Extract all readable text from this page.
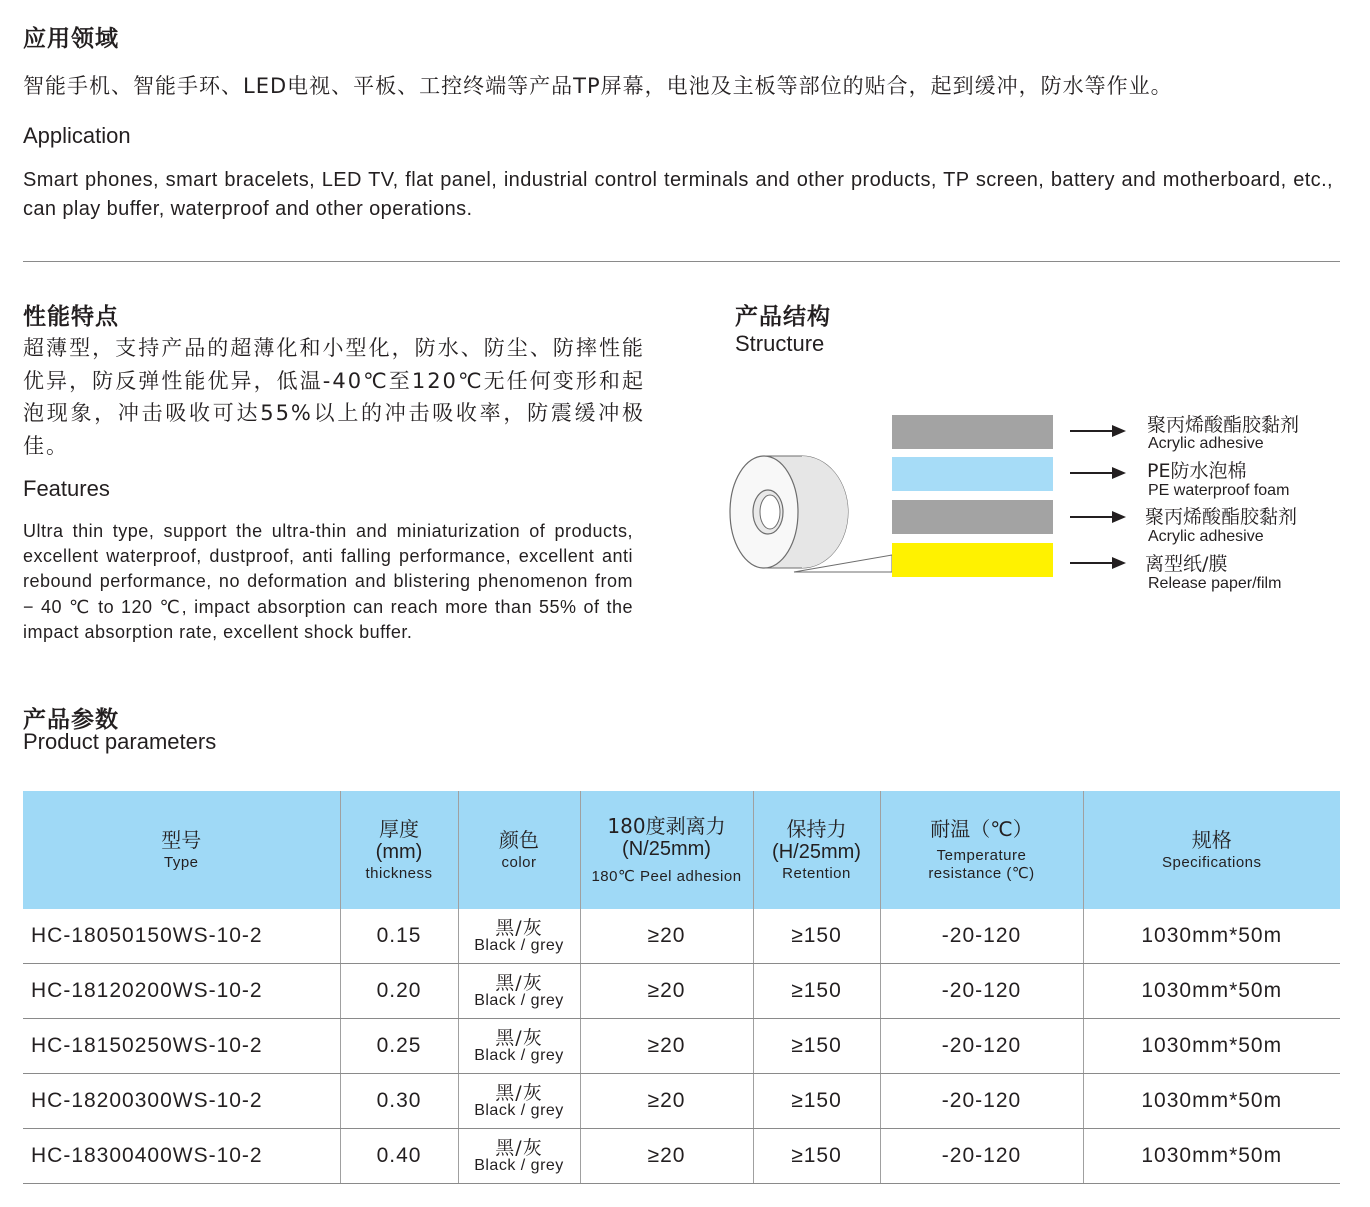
应用领域
智能手机、智能手环、LED电视、平板、工控终端等产品TP屏幕，电池及主板等部位的贴合，起到缓冲，防水等作业。
Application
Smart phones, smart bracelets, LED TV, flat panel, industrial control terminals and other products, TP screen, battery and motherboard, etc., can play buffer, waterproof and other operations.
性能特点
超薄型，支持产品的超薄化和小型化，防水、防尘、防摔性能优异，防反弹性能优异，低温-40℃至120℃无任何变形和起泡现象，冲击吸收可达55%以上的冲击吸收率，防震缓冲极佳。
Features
Ultra thin type, support the ultra-thin and miniaturization of products, excellent waterproof, dustproof, anti falling performance, excellent anti rebound performance, no deformation and blistering phenomenon from − 40 ℃ to 120 ℃, impact absorption can reach more than 55% of the impact absorption rate, excellent shock buffer.
产品结构
Structure
聚丙烯酸酯胶黏剂
Acrylic adhesive
PE防水泡棉
PE waterproof foam
聚丙烯酸酯胶黏剂
Acrylic adhesive
离型纸/膜
Release paper/film
产品参数
Product parameters
型号
Type	厚度
(mm)
thickness	颜色
color	180度剥离力
(N/25mm)
180℃ Peel adhesion	保持力
(H/25mm)
Retention	耐温（℃）
Temperature
resistance (℃)	规格
Specifications

HC-18050150WS-10-2	0.15	黑/灰
Black / grey	≥20	≥150	-20-120	1030mm*50m
HC-18120200WS-10-2	0.20	黑/灰
Black / grey	≥20	≥150	-20-120	1030mm*50m
HC-18150250WS-10-2	0.25	黑/灰
Black / grey	≥20	≥150	-20-120	1030mm*50m
HC-18200300WS-10-2	0.30	黑/灰
Black / grey	≥20	≥150	-20-120	1030mm*50m
HC-18300400WS-10-2	0.40	黑/灰
Black / grey	≥20	≥150	-20-120	1030mm*50m
